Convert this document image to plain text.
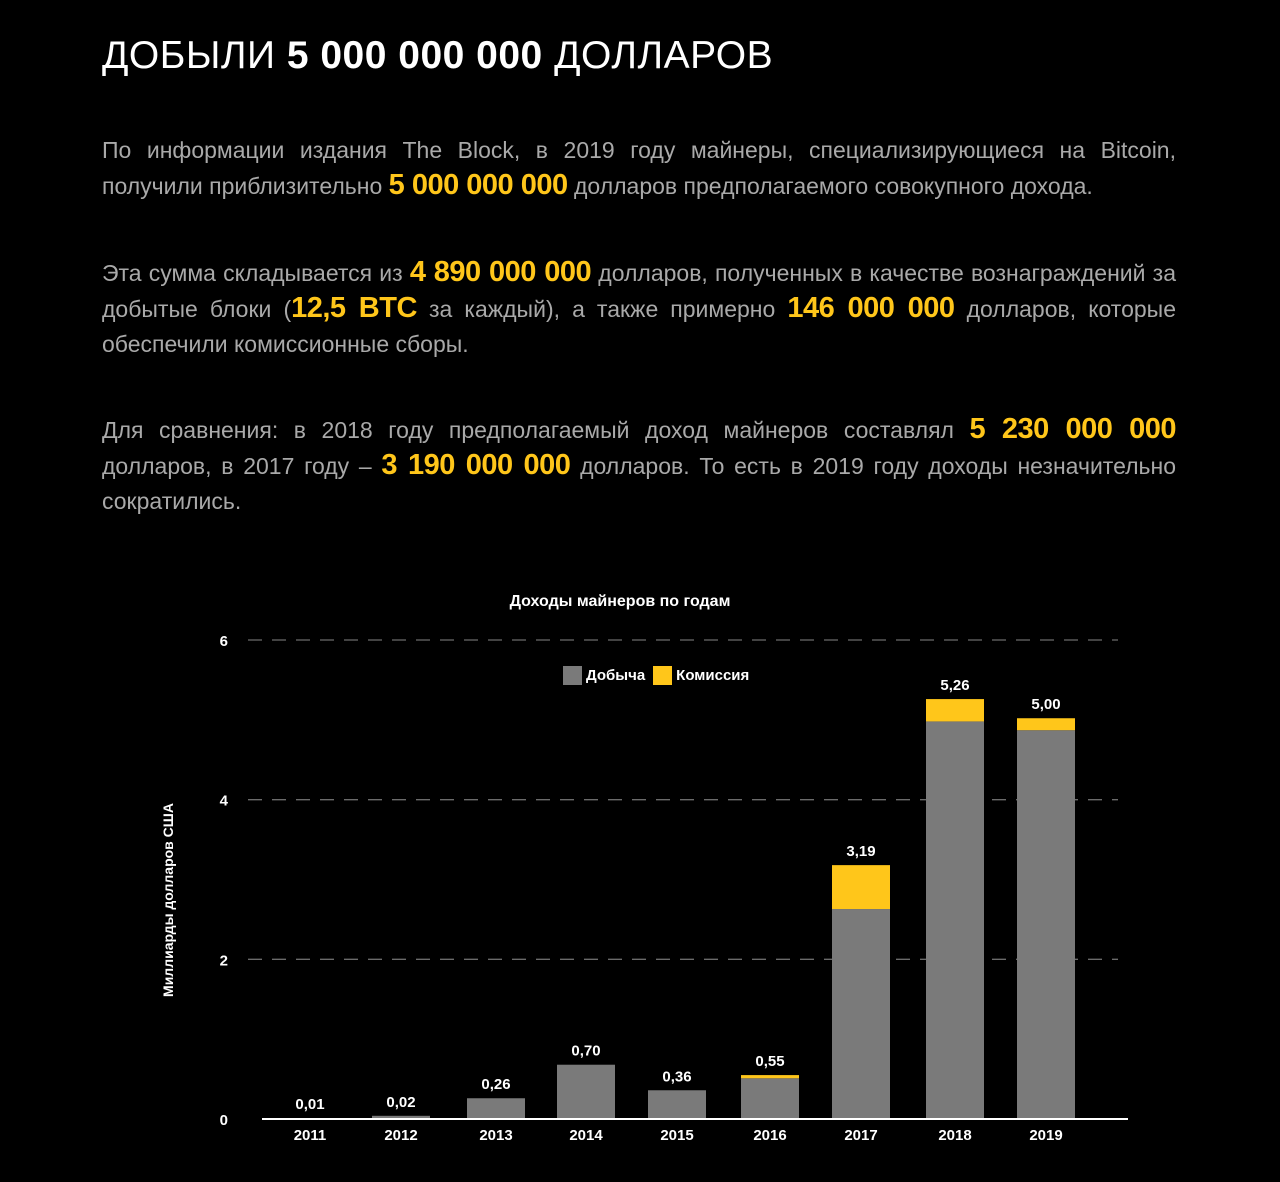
ДОБЫЛИ 5 000 000 000 ДОЛЛАРОВ
По информации издания The Block, в 2019 году майнеры, специализирующиеся на Bitcoin, получили приблизительно 5 000 000 000 долларов предполагаемого совокупного дохода.
Эта сумма складывается из 4 890 000 000 долларов, полученных в качестве вознаграждений за добытые блоки (12,5 BTC за каждый), а также примерно 146 000 000 долларов, которые обеспечили комиссионные сборы.
Для сравнения: в 2018 году предполагаемый доход майнеров составлял 5 230 000 000 долларов, в 2017 году – 3 190 000 000 долларов. То есть в 2019 году доходы незначительно сократились.
Доходы майнеров по годам
Миллиарды долларов США
Добыча Комиссия
0
2
4
6
0,01
2011
0,02
2012
0,26
2013
0,70
2014
0,36
2015
0,55
2016
3,19
2017
5,26
2018
5,00
2019
